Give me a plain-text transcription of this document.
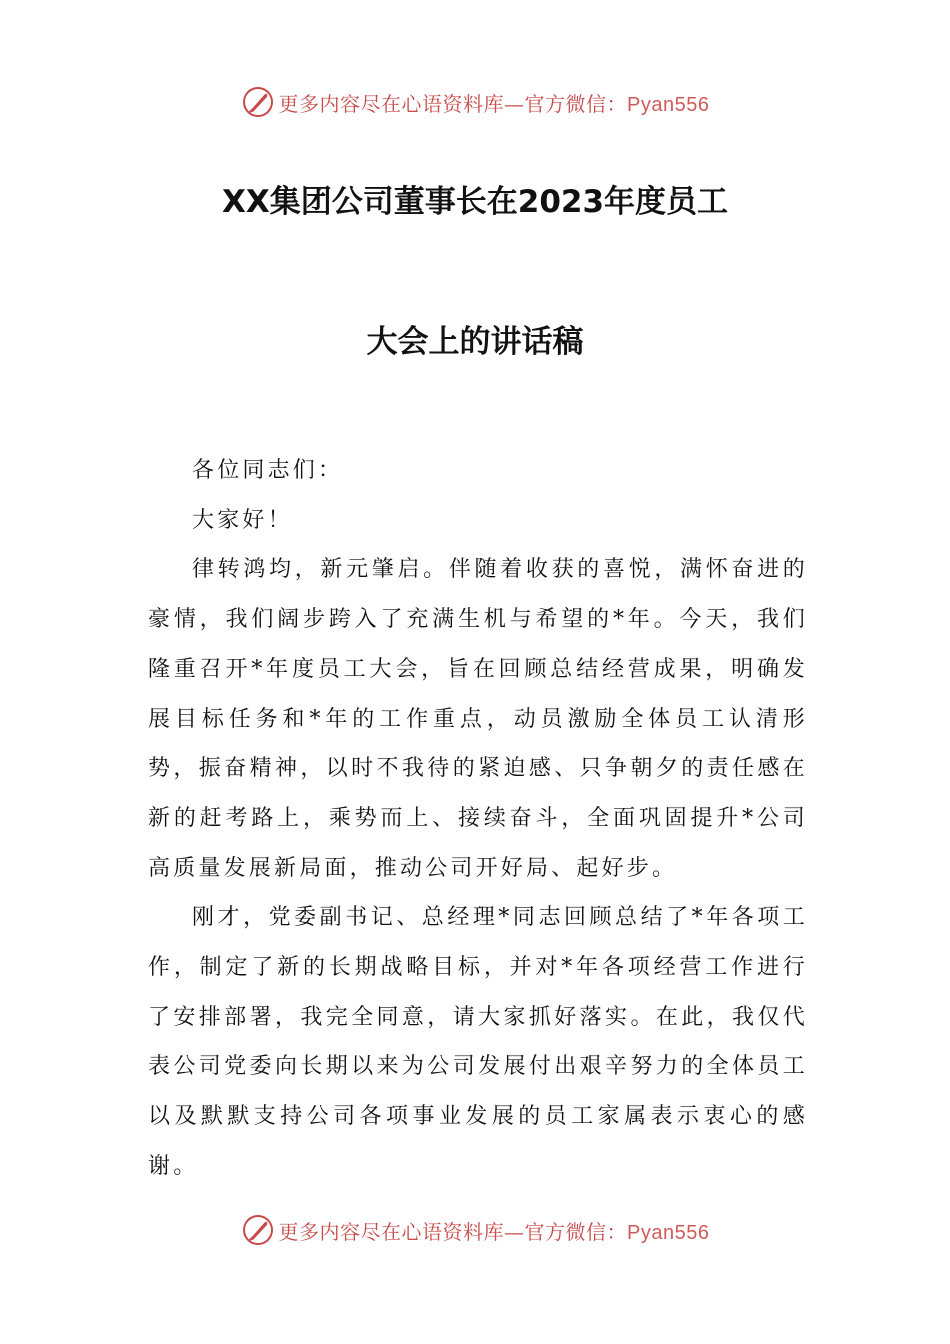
更多内容尽在心语资料库—官方微信：Pyan556
XX集团公司董事长在2023年度员工
大会上的讲话稿

各位同志们：

大家好！

律转鸿均，新元肇启。伴随着收获的喜悦，满怀奋进的豪情，我们阔步跨入了充满生机与希望的*年。今天，我们隆重召开*年度员工大会，旨在回顾总结经营成果，明确发展目标任务和*年的工作重点，动员激励全体员工认清形势，振奋精神，以时不我待的紧迫感、只争朝夕的责任感在新的赶考路上，乘势而上、接续奋斗，全面巩固提升*公司高质量发展新局面，推动公司开好局、起好步。

刚才，党委副书记、总经理*同志回顾总结了*年各项工作，制定了新的长期战略目标，并对*年各项经营工作进行了安排部署，我完全同意，请大家抓好落实。在此，我仅代表公司党委向长期以来为公司发展付出艰辛努力的全体员工以及默默支持公司各项事业发展的员工家属表示衷心的感谢。

更多内容尽在心语资料库—官方微信：Pyan556
